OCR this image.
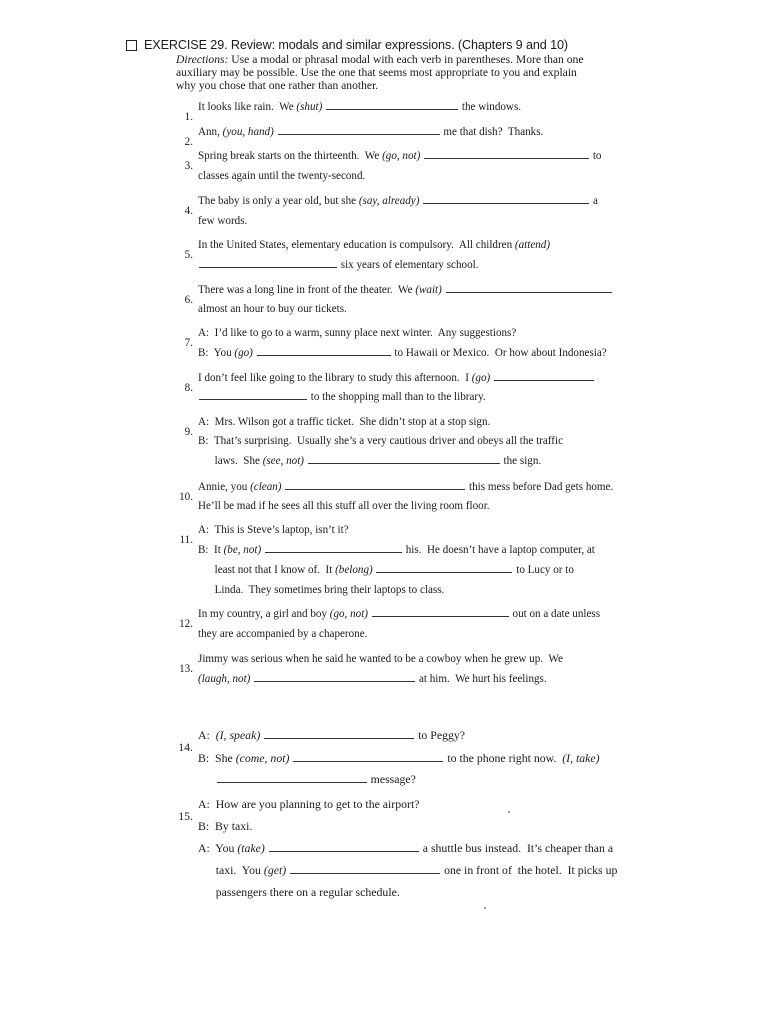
EXERCISE 29. Review: modals and similar expressions. (Chapters 9 and 10)
Directions: Use a modal or phrasal modal with each verb in parentheses. More than one
auxiliary may be possible. Use the one that seems most appropriate to you and explain
why you chose that one rather than another.
1.
It looks like rain.  We (shut)	the windows.
2.
Ann, (you, hand)	me that dish?  Thanks.
3.
Spring break starts on the thirteenth.  We (go, not)	to
classes again until the twenty-second.
4.
The baby is only a year old, but she (say, already)	a
few words.
5.
In the United States, elementary education is compulsory.  All children (attend)
six years of elementary school.
6.
There was a long line in front of the theater.  We (wait)
almost an hour to buy our tickets.
7.
A:  I’d like to go to a warm, sunny place next winter.  Any suggestions?
B:  You (go)	to Hawaii or Mexico.  Or how about Indonesia?
8.
I don’t feel like going to the library to study this afternoon.  I (go)
to the shopping mall than to the library.
9.
A:  Mrs. Wilson got a traffic ticket.  She didn’t stop at a stop sign.
B:  That’s surprising.  Usually she’s a very cautious driver and obeys all the traffic
laws.  She (see, not)	the sign.
10.
Annie, you (clean)	this mess before Dad gets home.
He’ll be mad if he sees all this stuff all over the living room floor.
11.
A:  This is Steve’s laptop, isn’t it?
B:  It (be, not)	his.  He doesn’t have a laptop computer, at
least not that I know of.  It (belong)	to Lucy or to
Linda.  They sometimes bring their laptops to class.
12.
In my country, a girl and boy (go, not)	out on a date unless
they are accompanied by a chaperone.
13.
Jimmy was serious when he said he wanted to be a cowboy when he grew up.  We
(laugh, not)	at him.  We hurt his feelings.
14.
A:  (I, speak)	to Peggy?
B:  She (come, not)	to the phone right now.  (I, take)
message?
15.
A:  How are you planning to get to the airport?
B:  By taxi.
A:  You (take)	a shuttle bus instead.  It’s cheaper than a
taxi.  You (get)	one in front of  the hotel.  It picks up
passengers there on a regular schedule.
